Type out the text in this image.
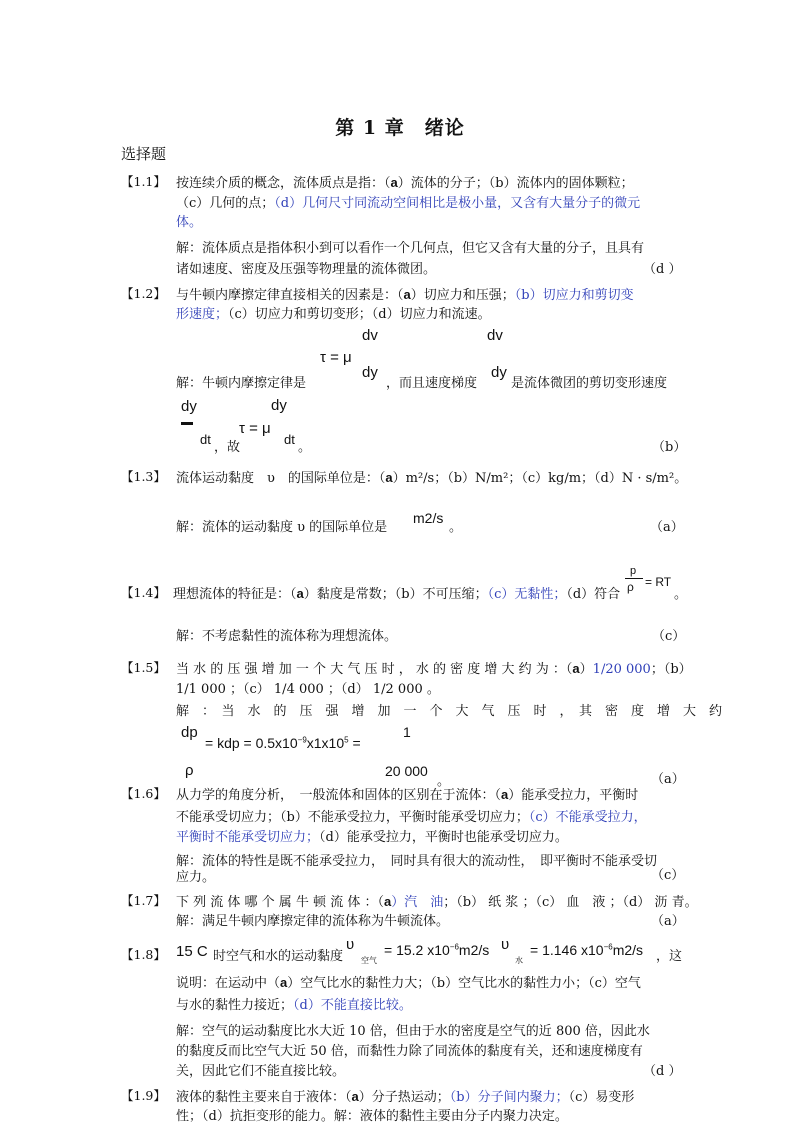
第 1 章　绪论
选择题
【1.1】 按连续介质的概念，流体质点是指：（a）流体的分子；（b）流体内的固体颗粒；
（c）几何的点；（d）几何尺寸同流动空间相比是极小量，又含有大量分子的微元
体。
解：流体质点是指体积小到可以看作一个几何点，但它又含有大量的分子，且具有
诸如速度、密度及压强等物理量的流体微团。	（d ）
【1.2】 与牛顿内摩擦定律直接相关的因素是：（a）切应力和压强；（b）切应力和剪切变
形速度；（c）切应力和剪切变形；（d）切应力和流速。
dv	dv
τ = μ
解：牛顿内摩擦定律是
dy
，而且速度梯度
dy
是流体微团的剪切变形速度
dy	dy
τ = μ
dt
，故
dt
。	（b）
【1.3】 流体运动黏度　υ　的国际单位是：（a）m²/s；（b）N/m²；（c）kg/m；（d）N · s/m²。
解：流体的运动黏度 υ 的国际单位是
m2/s
。	（a）
p
【1.4】 理想流体的特征是：（a）黏度是常数；（b）不可压缩；（c）无黏性；（d）符合 ρ = RT
。
解：不考虑黏性的流体称为理想流体。	（c）
【1.5】 当 水 的 压 强 增 加 一 个 大 气 压 时 ， 水 的 密 度 增 大 约 为 ：（a）1/20 000；（b）
1/1 000 ；（c） 1/4 000 ；（d） 1/2 000 。
解　：　当　水　的　压　强　增　加　一　个　大　气　压　时　，　其　密　度　增　大　约
dp
= kdp = $0.5x10^{-9}x1x10^5$ =
1
ρ	20 000
。	（a）
【1.6】 从力学的角度分析，　一般流体和固体的区别在于流体：（a）能承受拉力，平衡时
不能承受切应力；（b）不能承受拉力，平衡时能承受切应力；（c）不能承受拉力，
平衡时不能承受切应力；（d）能承受拉力，平衡时也能承受切应力。
解：流体的特性是既不能承受拉力，　同时具有很大的流动性，　即平衡时不能承受切
应力。	（c）
【1.7】 下 列 流 体 哪 个 属 牛 顿 流 体 ：（a）汽　油；（b） 纸 浆 ；（c） 血　液 ；（d） 沥 青。
解：满足牛顿内摩擦定律的流体称为牛顿流体。	（a）
【1.8】 15 C 时空气和水的运动黏度
υ
空气
= 15.2 $x10^{-6}m2/s$ υ
水
= 1.146 $x10^{-6}m2/s$ ，这
说明：在运动中（a）空气比水的黏性力大；（b）空气比水的黏性力小；（c）空气
与水的黏性力接近；（d）不能直接比较。
解：空气的运动黏度比水大近 10 倍，但由于水的密度是空气的近 800 倍，因此水
的黏度反而比空气大近 50 倍，而黏性力除了同流体的黏度有关，还和速度梯度有
关，因此它们不能直接比较。	（d ）
【1.9】 液体的黏性主要来自于液体：（a）分子热运动；（b）分子间内聚力；（c）易变形
性；（d）抗拒变形的能力。解：液体的黏性主要由分子内聚力决定。
